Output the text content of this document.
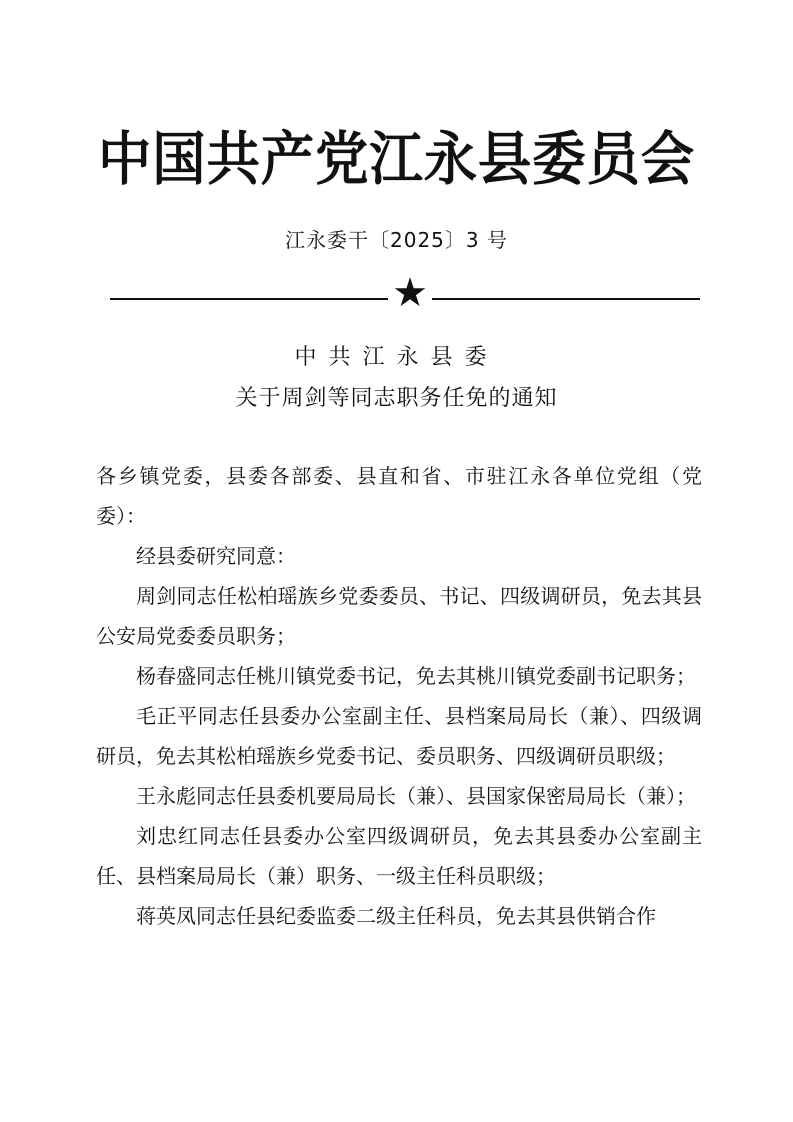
中国共产党江永县委员会
江永委干〔2025〕3 号
★
中共江永县委
关于周剑等同志职务任免的通知

各乡镇党委，县委各部委、县直和省、市驻江永各单位党组（党委）：

经县委研究同意：

周剑同志任松柏瑶族乡党委委员、书记、四级调研员，免去其县公安局党委委员职务；

杨春盛同志任桃川镇党委书记，免去其桃川镇党委副书记职务；

毛正平同志任县委办公室副主任、县档案局局长（兼）、四级调研员，免去其松柏瑶族乡党委书记、委员职务、四级调研员职级；

王永彪同志任县委机要局局长（兼）、县国家保密局局长（兼）；

刘忠红同志任县委办公室四级调研员，免去其县委办公室副主任、县档案局局长（兼）职务、一级主任科员职级；

蒋英凤同志任县纪委监委二级主任科员，免去其县供销合作
